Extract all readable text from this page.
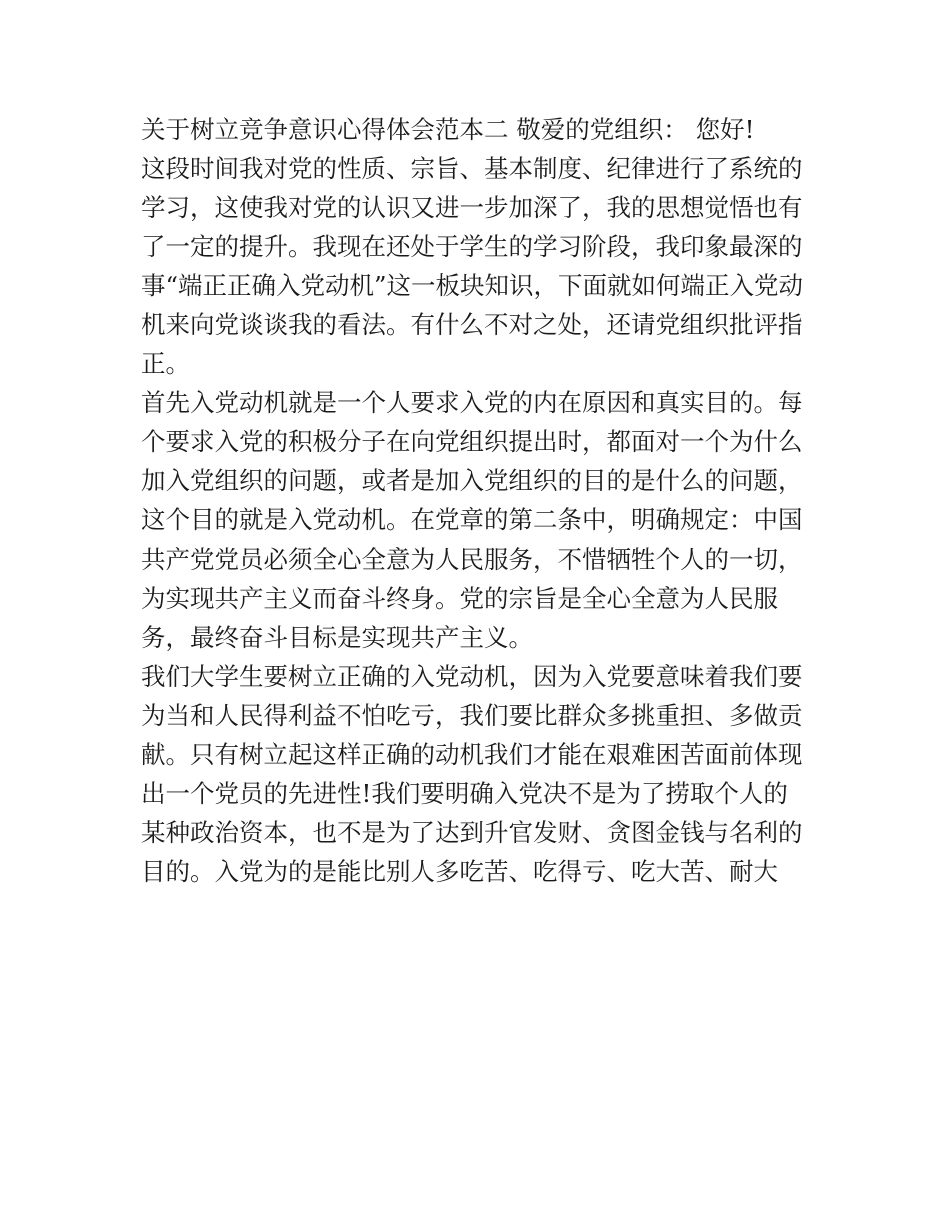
关于树立竞争意识心得体会范本二 敬爱的党组织： 您好!
这段时间我对党的性质、宗旨、基本制度、纪律进行了系统的
学习，这使我对党的认识又进一步加深了，我的思想觉悟也有
了一定的提升。我现在还处于学生的学习阶段，我印象最深的
事“端正正确入党动机”这一板块知识，下面就如何端正入党动
机来向党谈谈我的看法。有什么不对之处，还请党组织批评指
正。
首先入党动机就是一个人要求入党的内在原因和真实目的。每
个要求入党的积极分子在向党组织提出时，都面对一个为什么
加入党组织的问题，或者是加入党组织的目的是什么的问题，
这个目的就是入党动机。在党章的第二条中，明确规定：中国
共产党党员必须全心全意为人民服务，不惜牺牲个人的一切，
为实现共产主义而奋斗终身。党的宗旨是全心全意为人民服
务，最终奋斗目标是实现共产主义。
我们大学生要树立正确的入党动机，因为入党要意味着我们要
为当和人民得利益不怕吃亏，我们要比群众多挑重担、多做贡
献。只有树立起这样正确的动机我们才能在艰难困苦面前体现
出一个党员的先进性!我们要明确入党决不是为了捞取个人的
某种政治资本，也不是为了达到升官发财、贪图金钱与名利的
目的。入党为的是能比别人多吃苦、吃得亏、吃大苦、耐大
